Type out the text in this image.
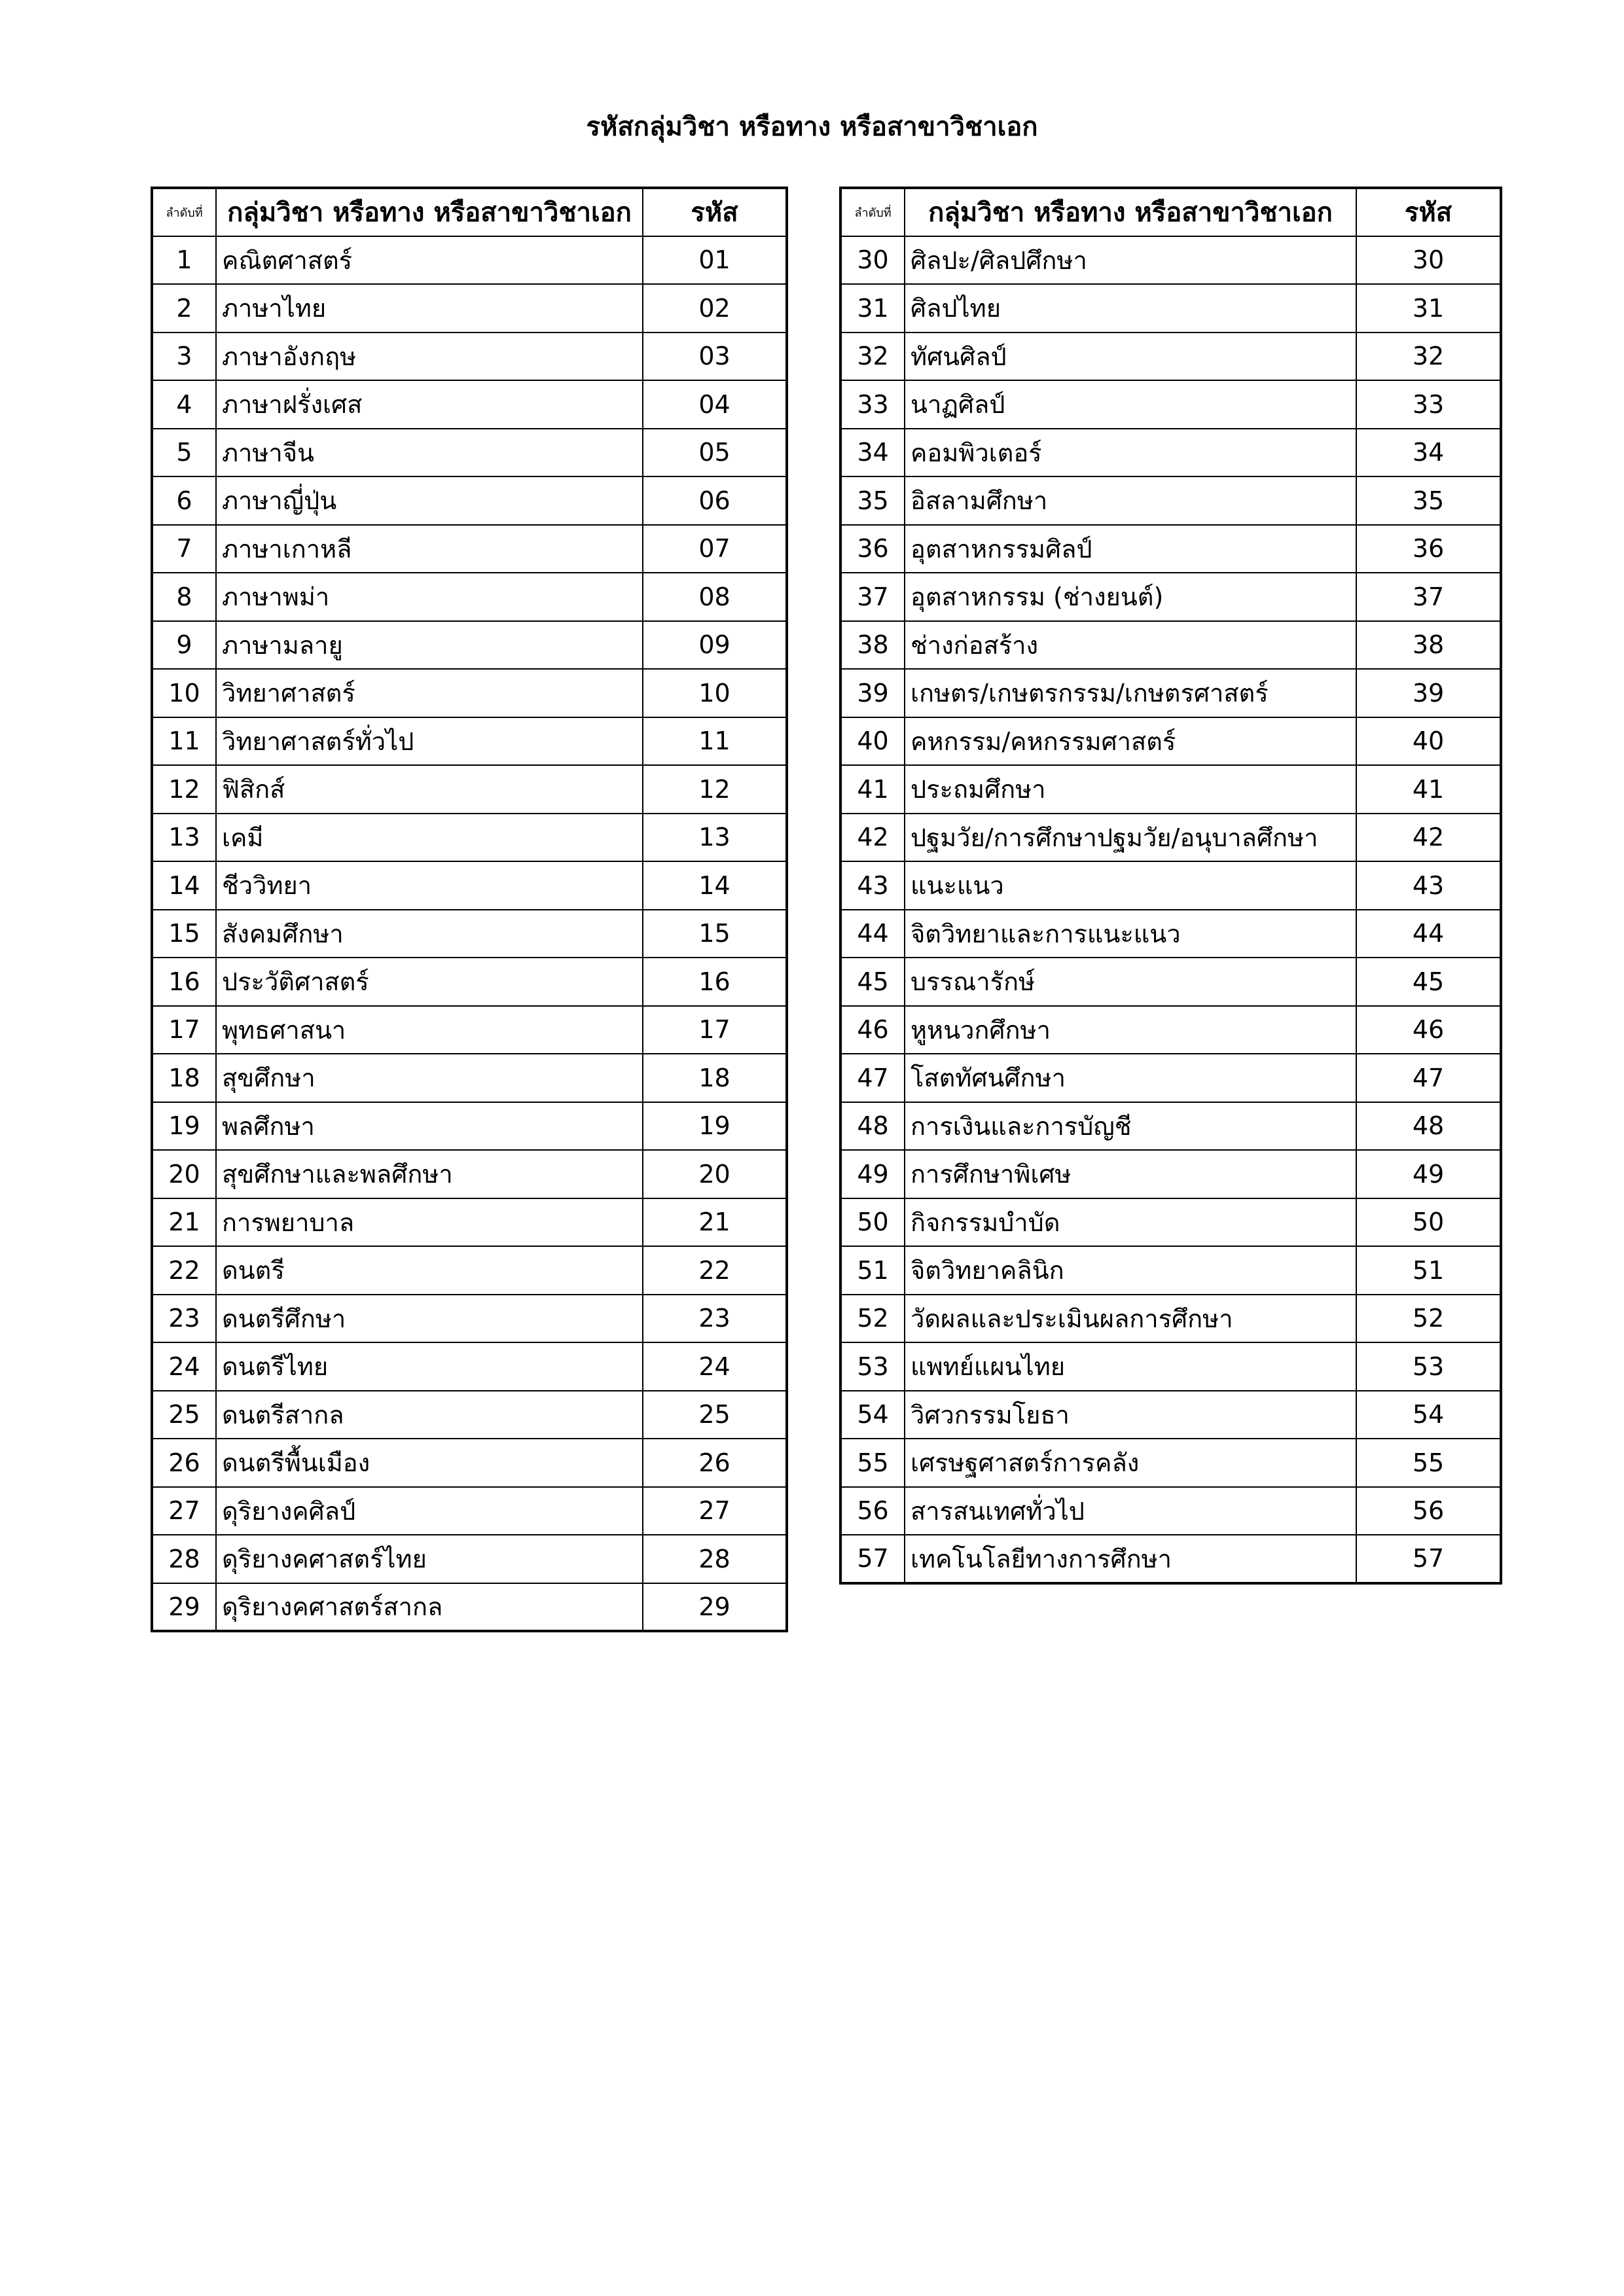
รหัสกลุ่มวิชา หรือทาง หรือสาขาวิชาเอก
ลำดับที่	กลุ่มวิชา หรือทาง หรือสาขาวิชาเอก	รหัส
1	คณิตศาสตร์	01
2	ภาษาไทย	02
3	ภาษาอังกฤษ	03
4	ภาษาฝรั่งเศส	04
5	ภาษาจีน	05
6	ภาษาญี่ปุ่น	06
7	ภาษาเกาหลี	07
8	ภาษาพม่า	08
9	ภาษามลายู	09
10	วิทยาศาสตร์	10
11	วิทยาศาสตร์ทั่วไป	11
12	ฟิสิกส์	12
13	เคมี	13
14	ชีววิทยา	14
15	สังคมศึกษา	15
16	ประวัติศาสตร์	16
17	พุทธศาสนา	17
18	สุขศึกษา	18
19	พลศึกษา	19
20	สุขศึกษาและพลศึกษา	20
21	การพยาบาล	21
22	ดนตรี	22
23	ดนตรีศึกษา	23
24	ดนตรีไทย	24
25	ดนตรีสากล	25
26	ดนตรีพื้นเมือง	26
27	ดุริยางคศิลป์	27
28	ดุริยางคศาสตร์ไทย	28
29	ดุริยางคศาสตร์สากล	29
ลำดับที่	กลุ่มวิชา หรือทาง หรือสาขาวิชาเอก	รหัส
30	ศิลปะ/ศิลปศึกษา	30
31	ศิลปไทย	31
32	ทัศนศิลป์	32
33	นาฏศิลป์	33
34	คอมพิวเตอร์	34
35	อิสลามศึกษา	35
36	อุตสาหกรรมศิลป์	36
37	อุตสาหกรรม (ช่างยนต์)	37
38	ช่างก่อสร้าง	38
39	เกษตร/เกษตรกรรม/เกษตรศาสตร์	39
40	คหกรรม/คหกรรมศาสตร์	40
41	ประถมศึกษา	41
42	ปฐมวัย/การศึกษาปฐมวัย/อนุบาลศึกษา	42
43	แนะแนว	43
44	จิตวิทยาและการแนะแนว	44
45	บรรณารักษ์	45
46	หูหนวกศึกษา	46
47	โสตทัศนศึกษา	47
48	การเงินและการบัญชี	48
49	การศึกษาพิเศษ	49
50	กิจกรรมบำบัด	50
51	จิตวิทยาคลินิก	51
52	วัดผลและประเมินผลการศึกษา	52
53	แพทย์แผนไทย	53
54	วิศวกรรมโยธา	54
55	เศรษฐศาสตร์การคลัง	55
56	สารสนเทศทั่วไป	56
57	เทคโนโลยีทางการศึกษา	57
